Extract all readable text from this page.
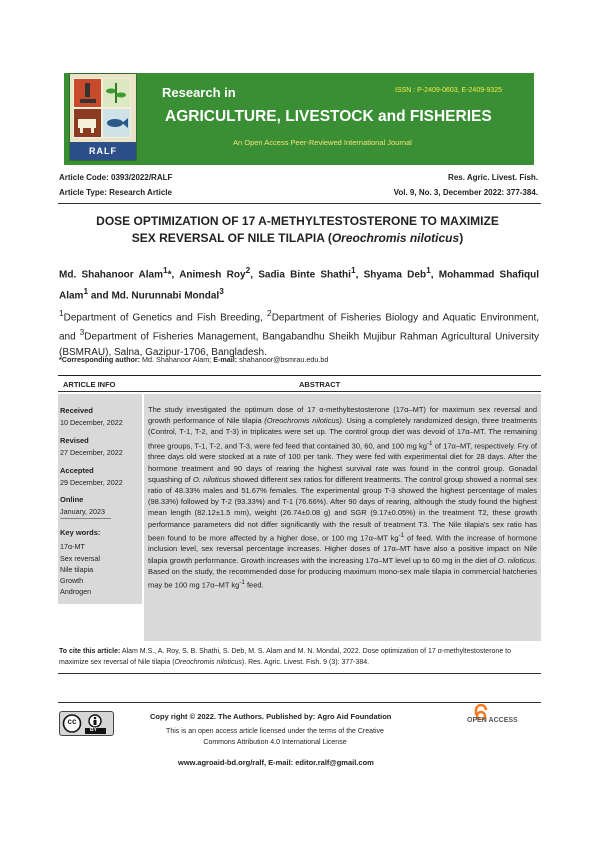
RALF
Research in	ISSN : P-2409-0603, E-2409-9325
AGRICULTURE, LIVESTOCK and FISHERIES
An Open Access Peer-Reviewed International Journal
Article Code: 0393/2022/RALF
Article Type: Research Article
Res. Agric. Livest. Fish.
Vol. 9, No. 3, December 2022: 377-384.
DOSE OPTIMIZATION OF 17 A-METHYLTESTOSTERONE TO MAXIMIZE
SEX REVERSAL OF NILE TILAPIA (Oreochromis niloticus)
Md. Shahanoor Alam$^1$*, Animesh Roy$^2$, Sadia Binte Shathi$^1$, Shyama Deb$^1$, Mohammad Shafiqul Alam$^1$ and Md. Nurunnabi Mondal$^3$
$^1$Department of Genetics and Fish Breeding, $^2$Department of Fisheries Biology and Aquatic Environment, and $^3$Department of Fisheries Management, Bangabandhu Sheikh Mujibur Rahman Agricultural University (BSMRAU), Salna, Gazipur-1706, Bangladesh.
*Corresponding author: Md. Shahanoor Alam; E-mail: shahanoor@bsmrau.edu.bd
ARTICLE INFO	ABSTRACT
Received
10 December, 2022
Revised
27 December, 2022
Accepted
29 December, 2022
Online
January, 2023
----------------------------------
Key words:
17α-MT
Sex reversal
Nile tilapia
Growth
Androgen
The study investigated the optimum dose of 17 α-methyltestosterone (17α–MT) for maximum sex reversal and growth performance of Nile tilapia (Oreochromis niloticus). Using a completely randomized design, three treatments (Control, T-1, T-2, and T-3) in triplicates were set up. The control group diet was devoid of 17α–MT. The remaining three groups, T-1, T-2, and T-3, were fed feed that contained 30, 60, and 100 mg $kg^{-1}$ of 17α–MT, respectively. Fry of three days old were stocked at a rate of 100 per tank. They were fed with experimental diet for 28 days. After the hormone treatment and 90 days of rearing the highest survival rate was found in the control group. Gonadal squashing of O. niloticus showed different sex ratios for different treatments. The control group showed a normal sex ratio of 48.33% males and 51.67% females. The experimental group T-3 showed the highest percentage of males (98.33%) followed by T-2 (93.33%) and T-1 (76.66%). After 90 days of rearing, although the study found the highest mean length (82.12±1.5 mm), weight (26.74±0.08 g) and SGR (9.17±0.05%) in the treatment T2, these growth performance parameters did not differ significantly with the result of treatment T3. The Nile tilapia's sex ratio has been found to be more affected by a higher dose, or 100 mg 17α–MT $kg^{-1}$ of feed. With the increase of hormone inclusion level, sex reversal percentage increases. Higher doses of 17α–MT have also a positive impact on Nile tilapia growth performance. Growth increases with the increasing 17α–MT level up to 60 mg in the diet of O. niloticus. Based on the study, the recommended dose for producing maximum mono-sex male tilapia in commercial hatcheries may be 100 mg 17α–MT $kg^{-1}$ feed.
To cite this article: Alam M.S., A. Roy, S. B. Shathi, S. Deb, M. S. Alam and M. N. Mondal, 2022. Dose optimization of 17 α-methyltestosterone to maximize sex reversal of Nile tilapia (Oreochromis niloticus). Res. Agric. Livest. Fish. 9 (3): 377-384.
cc
BY
Copy right © 2022. The Authors. Published by: Agro Aid Foundation
This is an open access article licensed under the terms of the Creative Commons Attribution 4.0 International License
www.agroaid-bd.org/ralf, E-mail: editor.ralf@gmail.com
OPEN ACCESS
